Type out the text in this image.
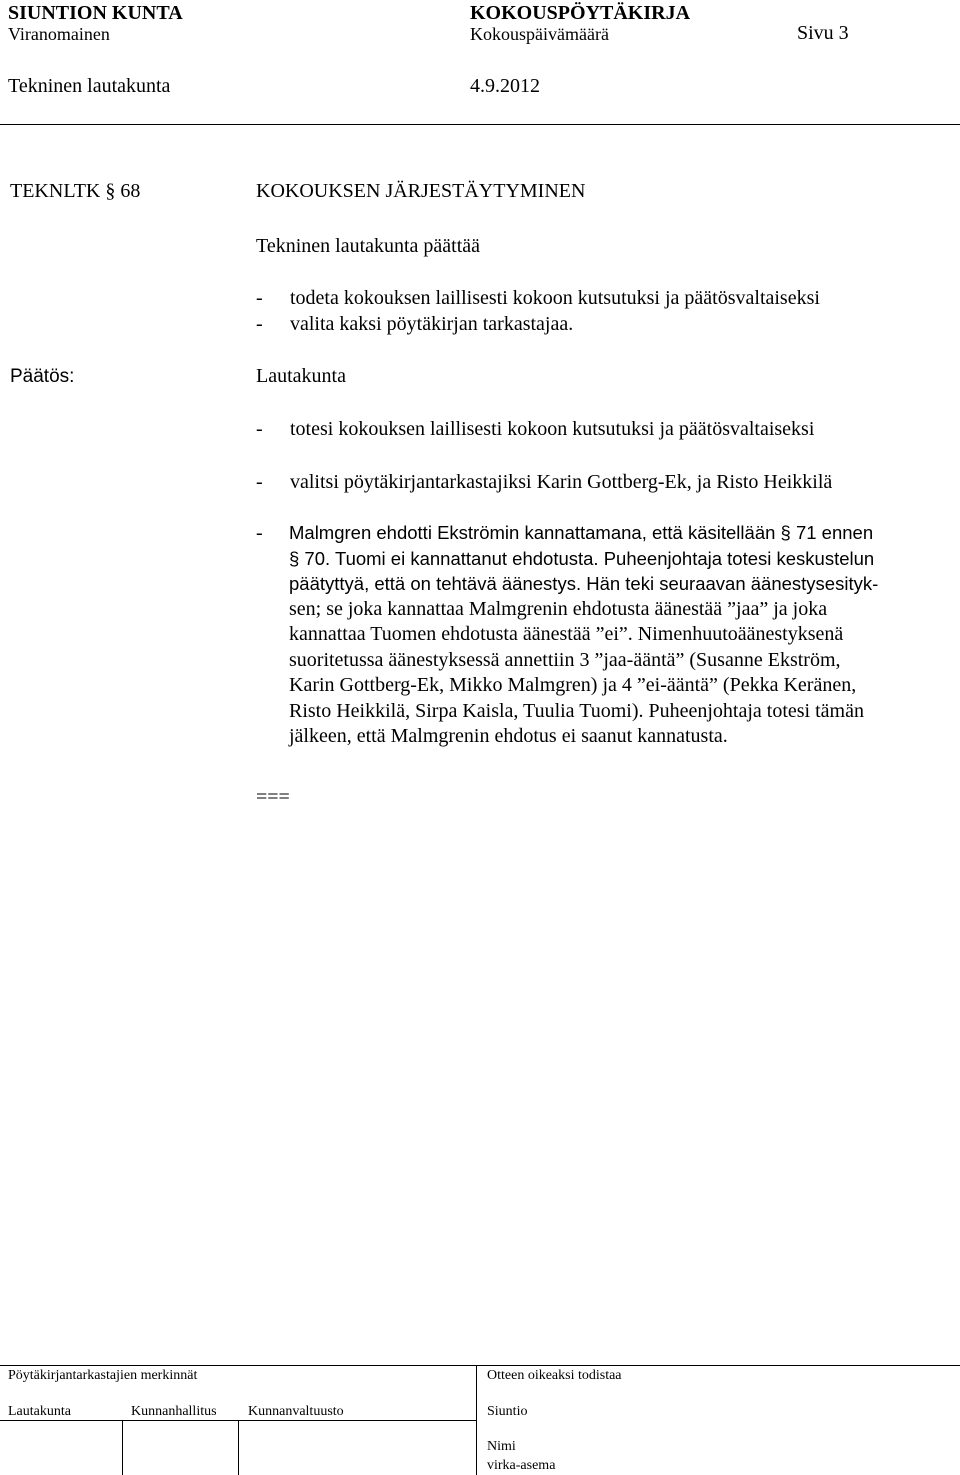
SIUNTION KUNTA	KOKOUSPÖYTÄKIRJA
Viranomainen	Kokouspäivämäärä	Sivu 3
Tekninen lautakunta	4.9.2012
TEKNLTK § 68	KOKOUKSEN JÄRJESTÄYTYMINEN
Tekninen lautakunta päättää
- todeta kokouksen laillisesti kokoon kutsutuksi ja päätösvaltaiseksi
- valita kaksi pöytäkirjan tarkastajaa.
Päätös:	Lautakunta
- totesi kokouksen laillisesti kokoon kutsutuksi ja päätösvaltaiseksi
- valitsi pöytäkirjantarkastajiksi Karin Gottberg-Ek, ja Risto Heikkilä
- Malmgren ehdotti Ekströmin kannattamana, että käsitellään § 71 ennen
§ 70. Tuomi ei kannattanut ehdotusta. Puheenjohtaja totesi keskustelun
päätyttyä, että on tehtävä äänestys. Hän teki seuraavan äänestysesityk-
sen; se joka kannattaa Malmgrenin ehdotusta äänestää ”jaa” ja joka
kannattaa Tuomen ehdotusta äänestää ”ei”. Nimenhuutoäänestyksenä
suoritetussa äänestyksessä annettiin 3 ”jaa-ääntä” (Susanne Ekström,
Karin Gottberg-Ek, Mikko Malmgren) ja 4 ”ei-ääntä” (Pekka Keränen,
Risto Heikkilä, Sirpa Kaisla, Tuulia Tuomi). Puheenjohtaja totesi tämän
jälkeen, että Malmgrenin ehdotus ei saanut kannatusta.
===
Pöytäkirjantarkastajien merkinnät	Otteen oikeaksi todistaa
Lautakunta	Kunnanhallitus Kunnanvaltuusto	Siuntio
Nimi
virka-asema
